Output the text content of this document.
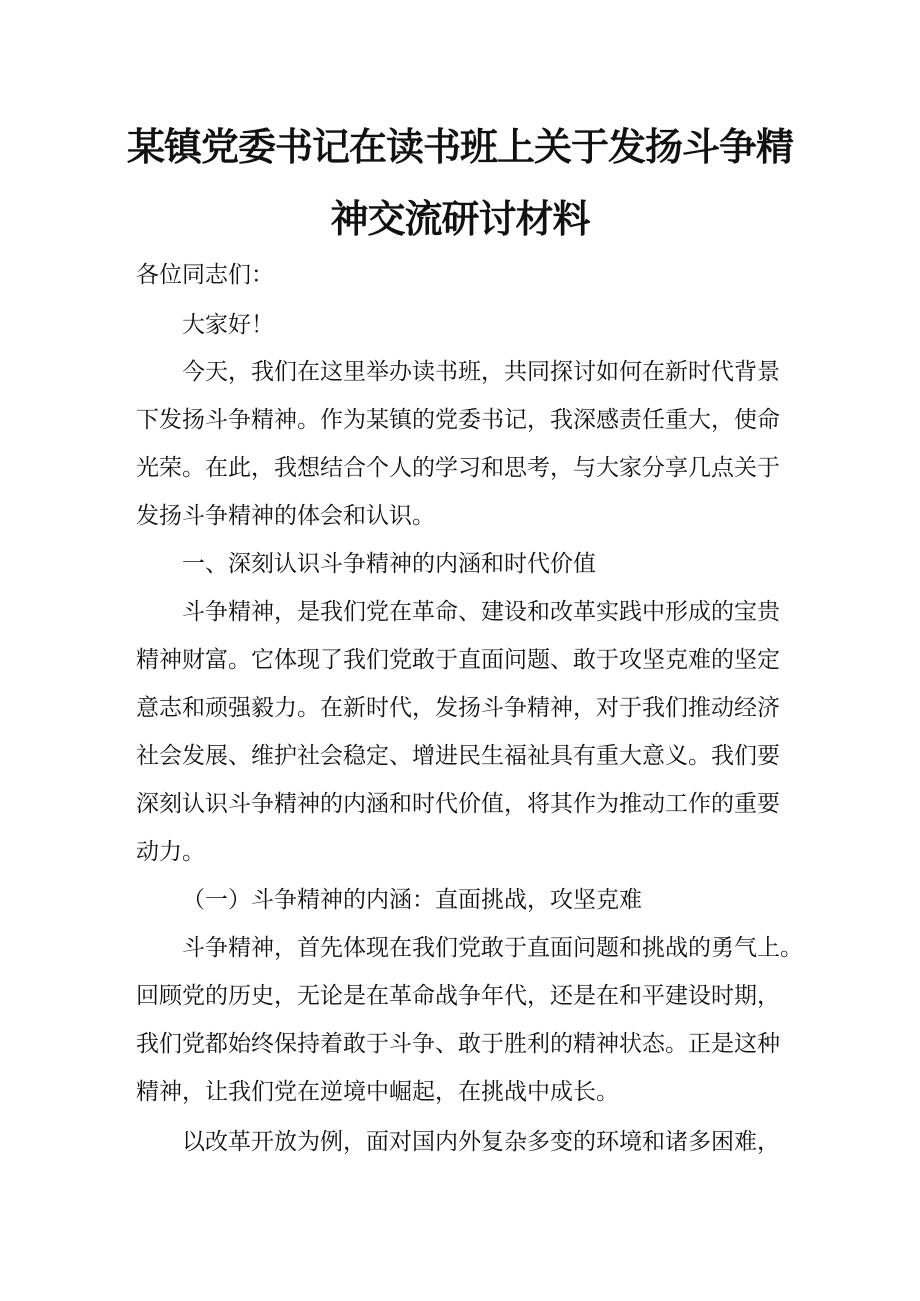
某镇党委书记在读书班上关于发扬斗争精
神交流研讨材料

各位同志们：

大家好！

今天，我们在这里举办读书班，共同探讨如何在新时代背景

下发扬斗争精神。作为某镇的党委书记，我深感责任重大，使命

光荣。在此，我想结合个人的学习和思考，与大家分享几点关于

发扬斗争精神的体会和认识。

一、深刻认识斗争精神的内涵和时代价值

斗争精神，是我们党在革命、建设和改革实践中形成的宝贵

精神财富。它体现了我们党敢于直面问题、敢于攻坚克难的坚定

意志和顽强毅力。在新时代，发扬斗争精神，对于我们推动经济

社会发展、维护社会稳定、增进民生福祉具有重大意义。我们要

深刻认识斗争精神的内涵和时代价值，将其作为推动工作的重要

动力。

（一）斗争精神的内涵：直面挑战，攻坚克难

斗争精神，首先体现在我们党敢于直面问题和挑战的勇气上。

回顾党的历史，无论是在革命战争年代，还是在和平建设时期，

我们党都始终保持着敢于斗争、敢于胜利的精神状态。正是这种

精神，让我们党在逆境中崛起，在挑战中成长。

以改革开放为例，面对国内外复杂多变的环境和诸多困难，
